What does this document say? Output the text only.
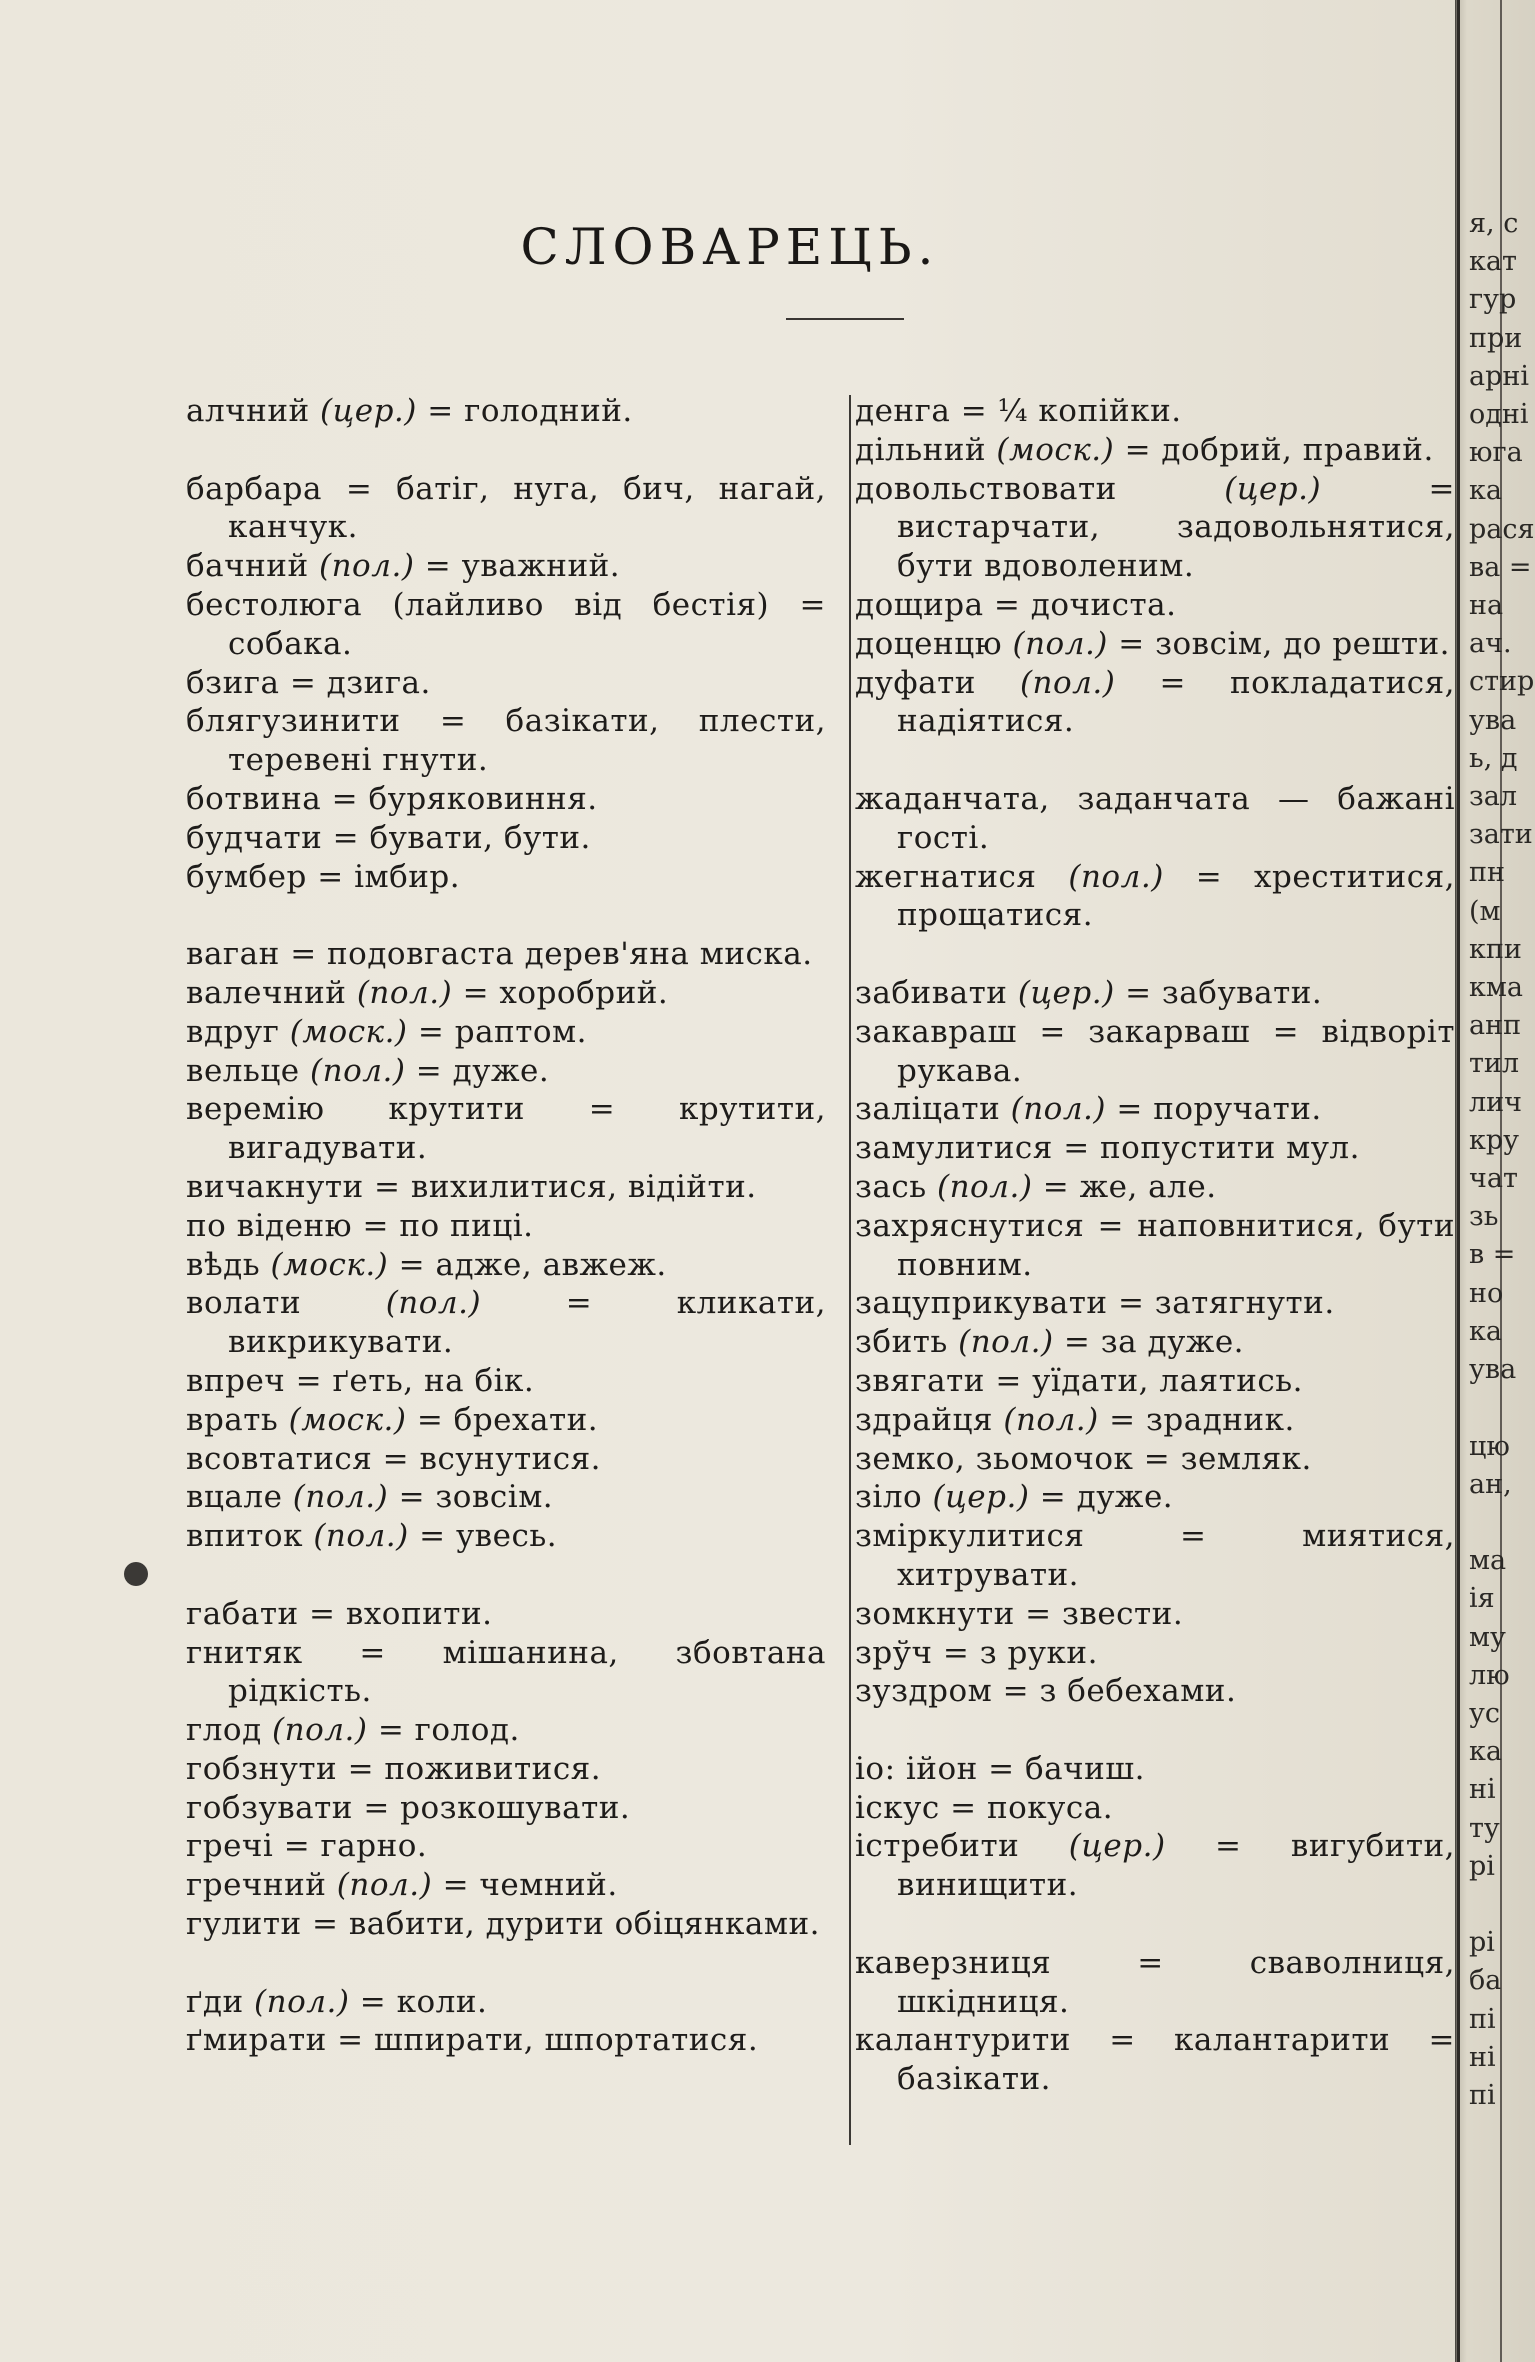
СЛОВАРЕЦЬ.
алчний (цер.) = голодний.
барбара = батіг, нуга, бич, нагай, канчук.
бачний (пол.) = уважний.
бестолюга (лайливо від бестія) = собака.
бзига = дзига.
блягузинити = базікати, плести, теревені гнути.
ботвина = буряковиння.
будчати = бувати, бути.
бумбер = імбир.
ваган = подовгаста дерев'яна миска.
валечний (пол.) = хоробрий.
вдруг (моск.) = раптом.
вельце (пол.) = дуже.
веремію крутити = крутити, вигадувати.
вичакнути = вихилитися, відійти.
по віденю = по пиці.
вѣдь (моск.) = адже, авжеж.
волати	(пол.)	= кликати, викрикувати.
впреч = ґеть, на бік.
врать (моск.) = брехати.
всовтатися = всунутися.
вцале (пол.) = зовсім.
впиток (пол.) = увесь.
габати = вхопити.
гнитяк = мішанина, збовтана рідкість.
глод (пол.) = голод.
гобзнути = поживитися.
гобзувати = розкошувати.
гречі = гарно.
гречний (пол.) = чемний.
гулити = вабити, дурити обіцянками.
ґди (пол.) = коли.
ґмирати = шпирати, шпортатися.
денга = ¼ копійки.
дільний (моск.) = добрий, правий.
довольствовати	(цер.)	= вистарчати, задовольнятися, бути вдоволеним.
дощира = дочиста.
доценцю (пол.) = зовсім, до решти.
дуфати (пол.) = покладатися, надіятися.
жаданчата, заданчата — бажані гості.
жегнатися (пол.) = хреститися, прощатися.
забивати (цер.) = забувати.
закавраш = закарваш = відворіт рукава.
заліцати (пол.) = поручати.
замулитися = попустити мул.
зась (пол.) = же, але.
захряснутися = наповнитися, бути повним.
зацуприкувати = затягнути.
збить (пол.) = за дуже.
звягати = уїдати, лаятись.
здрайця (пол.) = зрадник.
земко, зьомочок = земляк.
зіло (цер.) = дуже.
зміркулитися	= миятися, хитрувати.
зомкнути = звести.
зрўч = з руки.
зуздром = з бебехами.
іо: ійон = бачиш.
іскус = покуса.
істребити (цер.) = вигубити, винищити.
каверзниця	= сваволниця, шкідниця.
калантурити = калантарити = базікати.
я, с
кат
гур
при
арні
одні
юга
ка
рася
ва =
на
ач.
стир
ува
ь, д
зал
зати
пн
(м
кпи
кма
анп
тил
лич
кру
чат
зь
в =
но
ка
ува

цю
ан,

ма
ія
му
лю
ус
ка
ні
ту
рі

рі
ба
пі
ні
пі
